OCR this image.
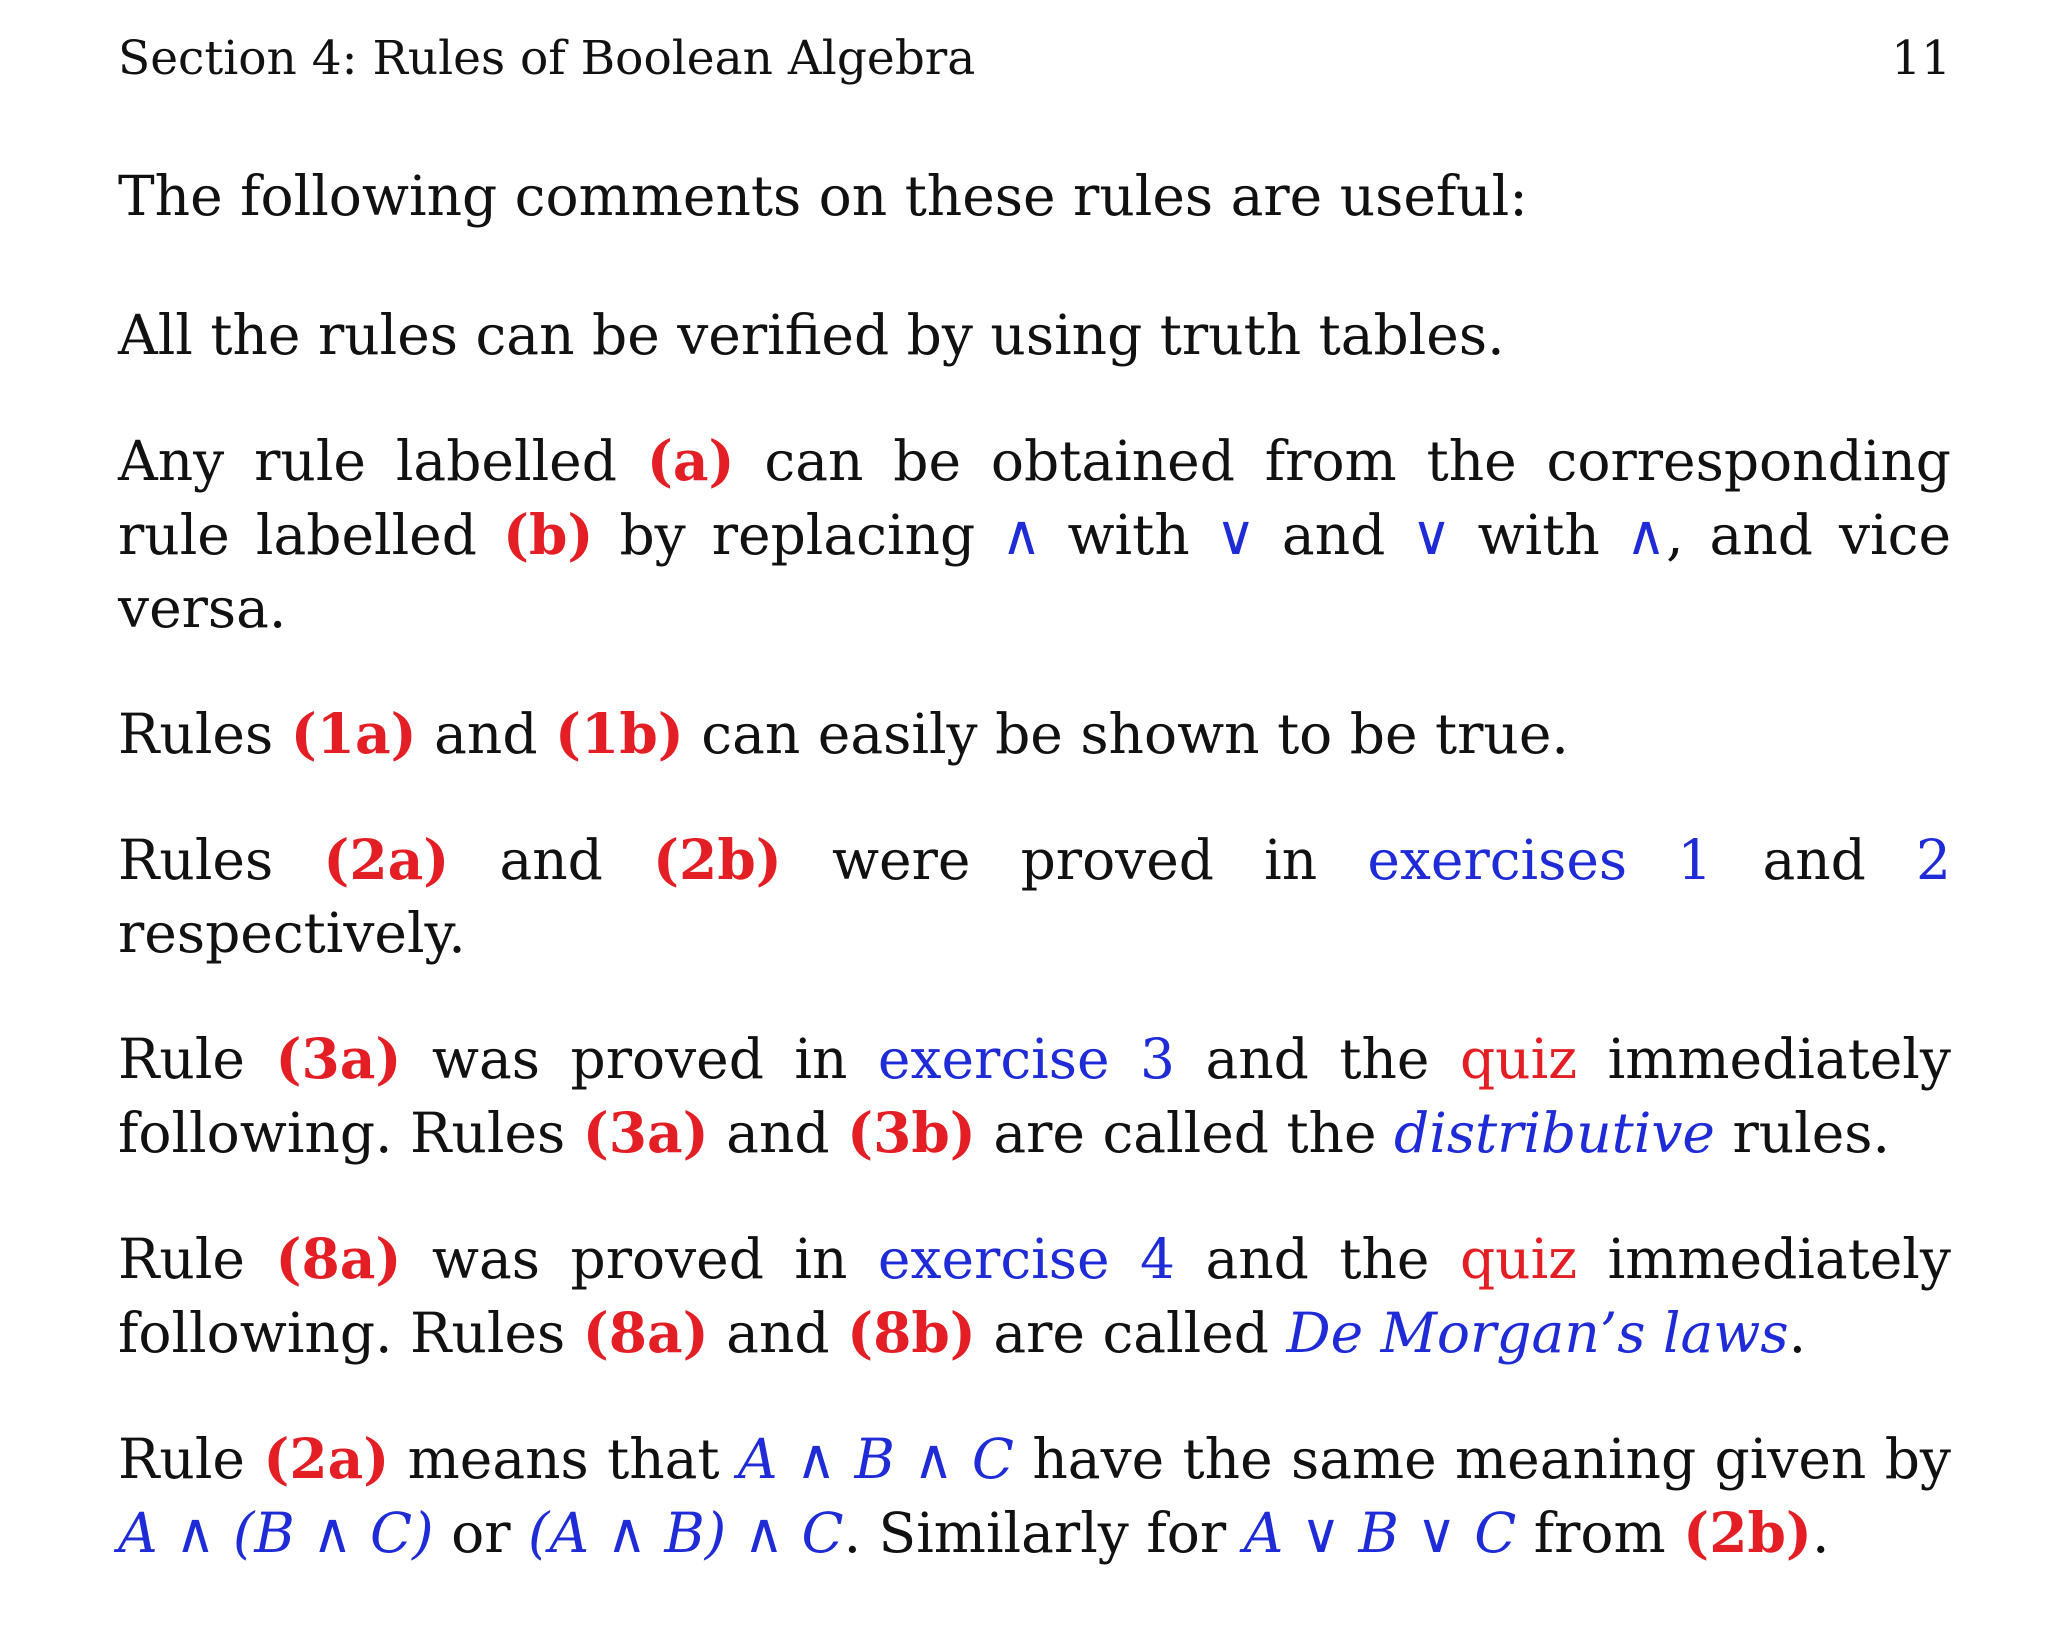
Section 4: Rules of Boolean Algebra	11

The following comments on these rules are useful:

All the rules can be verified by using truth tables.

Any rule labelled (a) can be obtained from the corresponding rule labelled (b) by replacing ∧ with ∨ and ∨ with ∧, and vice versa.

Rules (1a) and (1b) can easily be shown to be true.

Rules (2a) and (2b) were proved in exercises 1 and 2 respectively.

Rule (3a) was proved in exercise 3 and the quiz immediately following. Rules (3a) and (3b) are called the distributive rules.

Rule (8a) was proved in exercise 4 and the quiz immediately following. Rules (8a) and (8b) are called De Morgan’s laws.

Rule (2a) means that A ∧ B ∧ C have the same meaning given by A ∧ (B ∧ C) or (A ∧ B) ∧ C. Similarly for A ∨ B ∨ C from (2b).
